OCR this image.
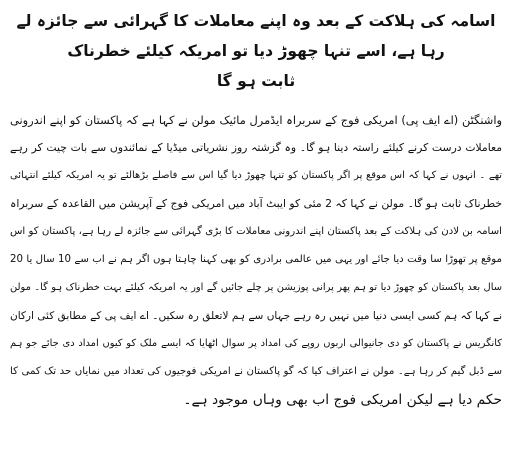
اسامہ کی ہلاکت کے بعد وہ اپنے معاملات کا گہرائی سے جائزہ لے رہا ہے، اسے تنہا چھوڑ دیا تو امریکہ کیلئے خطرناک
ثابت ہو گا

واشنگٹن (اے ایف پی) امریکی فوج کے سربراہ ایڈمرل مائیک مولن نے کہا ہے کہ پاکستان کو اپنے اندرونی

معاملات درست کرنے کیلئے راستہ دینا ہو گا۔ وہ گزشتہ روز نشریاتی میڈیا کے نمائندوں سے بات چیت کر رہے

تھے ۔ انہوں نے کہا کہ اس موقع پر اگر پاکستان کو تنہا چھوڑ دیا گیا اس سے فاصلے بڑھالئے تو یہ امریکہ کیلئے انتہائی

خطرناک ثابت ہو گا۔ مولن نے کہا کہ 2 مئی کو ایبٹ آباد میں امریکی فوج کے آپریشن میں القاعدہ کے سربراہ

اسامہ بن لادن کی ہلاکت کے بعد پاکستان اپنے اندرونی معاملات کا بڑی گہرائی سے جائزہ لے رہا ہے، پاکستان کو اس

موقع پر تھوڑا سا وقت دیا جائے اور یہی میں عالمی برادری کو بھی کہنا چاہتا ہوں اگر ہم نے اب سے 10 سال یا 20

سال بعد پاکستان کو چھوڑ دیا تو ہم پھر پرانی پوزیشن پر چلے جائیں گے اور یہ امریکہ کیلئے بہت خطرناک ہو گا۔ مولن

نے کہا کہ ہم کسی ایسی دنیا میں نہیں رہ رہے جہاں سے ہم لاتعلق رہ سکیں۔ اے ایف پی کے مطابق کئی ارکان

کانگریس نے پاکستان کو دی جانیوالی اربوں روپے کی امداد پر سوال اٹھایا کہ ایسے ملک کو کیوں امداد دی جائے جو ہم

سے ڈبل گیم کر رہا ہے۔ مولن نے اعتراف کیا کہ گو پاکستان نے امریکی فوجیوں کی تعداد میں نمایاں حد تک کمی کا

حکم دیا ہے لیکن امریکی فوج اب بھی وہاں موجود ہے۔
